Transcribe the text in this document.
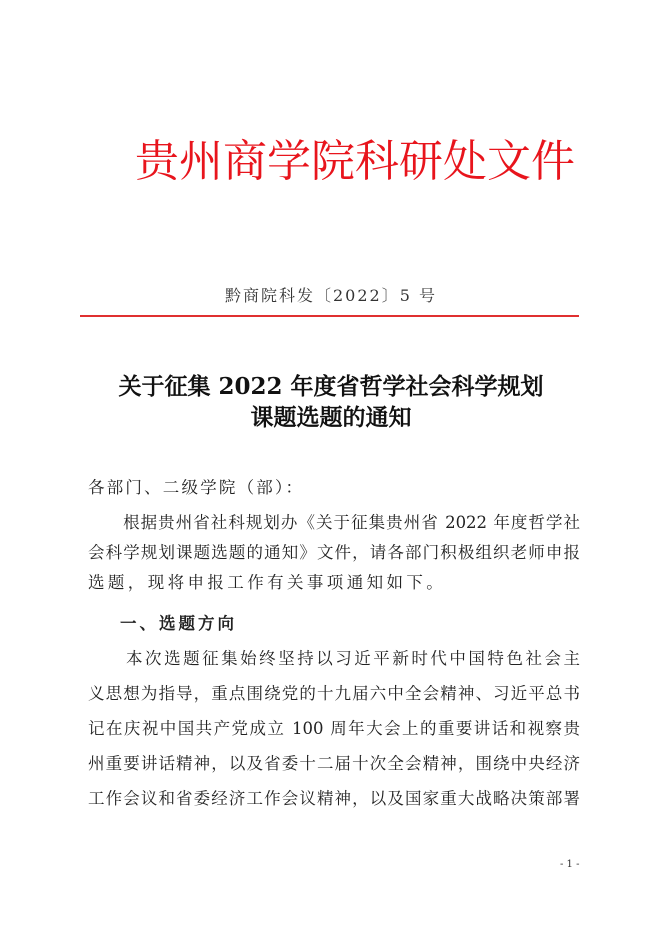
贵州商学院科研处文件
黔商院科发〔2022〕5 号
关于征集 2022 年度省哲学社会科学规划
课题选题的通知
各部门、二级学院（部）：
　　根据贵州省社科规划办《关于征集贵州省 2022 年度哲学社
会科学规划课题选题的通知》文件，请各部门积极组织老师申报
选题，现将申报工作有关事项通知如下。
一、选题方向
　　本次选题征集始终坚持以习近平新时代中国特色社会主
义思想为指导，重点围绕党的十九届六中全会精神、习近平总书
记在庆祝中国共产党成立 100 周年大会上的重要讲话和视察贵
州重要讲话精神，以及省委十二届十次全会精神，围绕中央经济
工作会议和省委经济工作会议精神，以及国家重大战略决策部署
- 1 -
